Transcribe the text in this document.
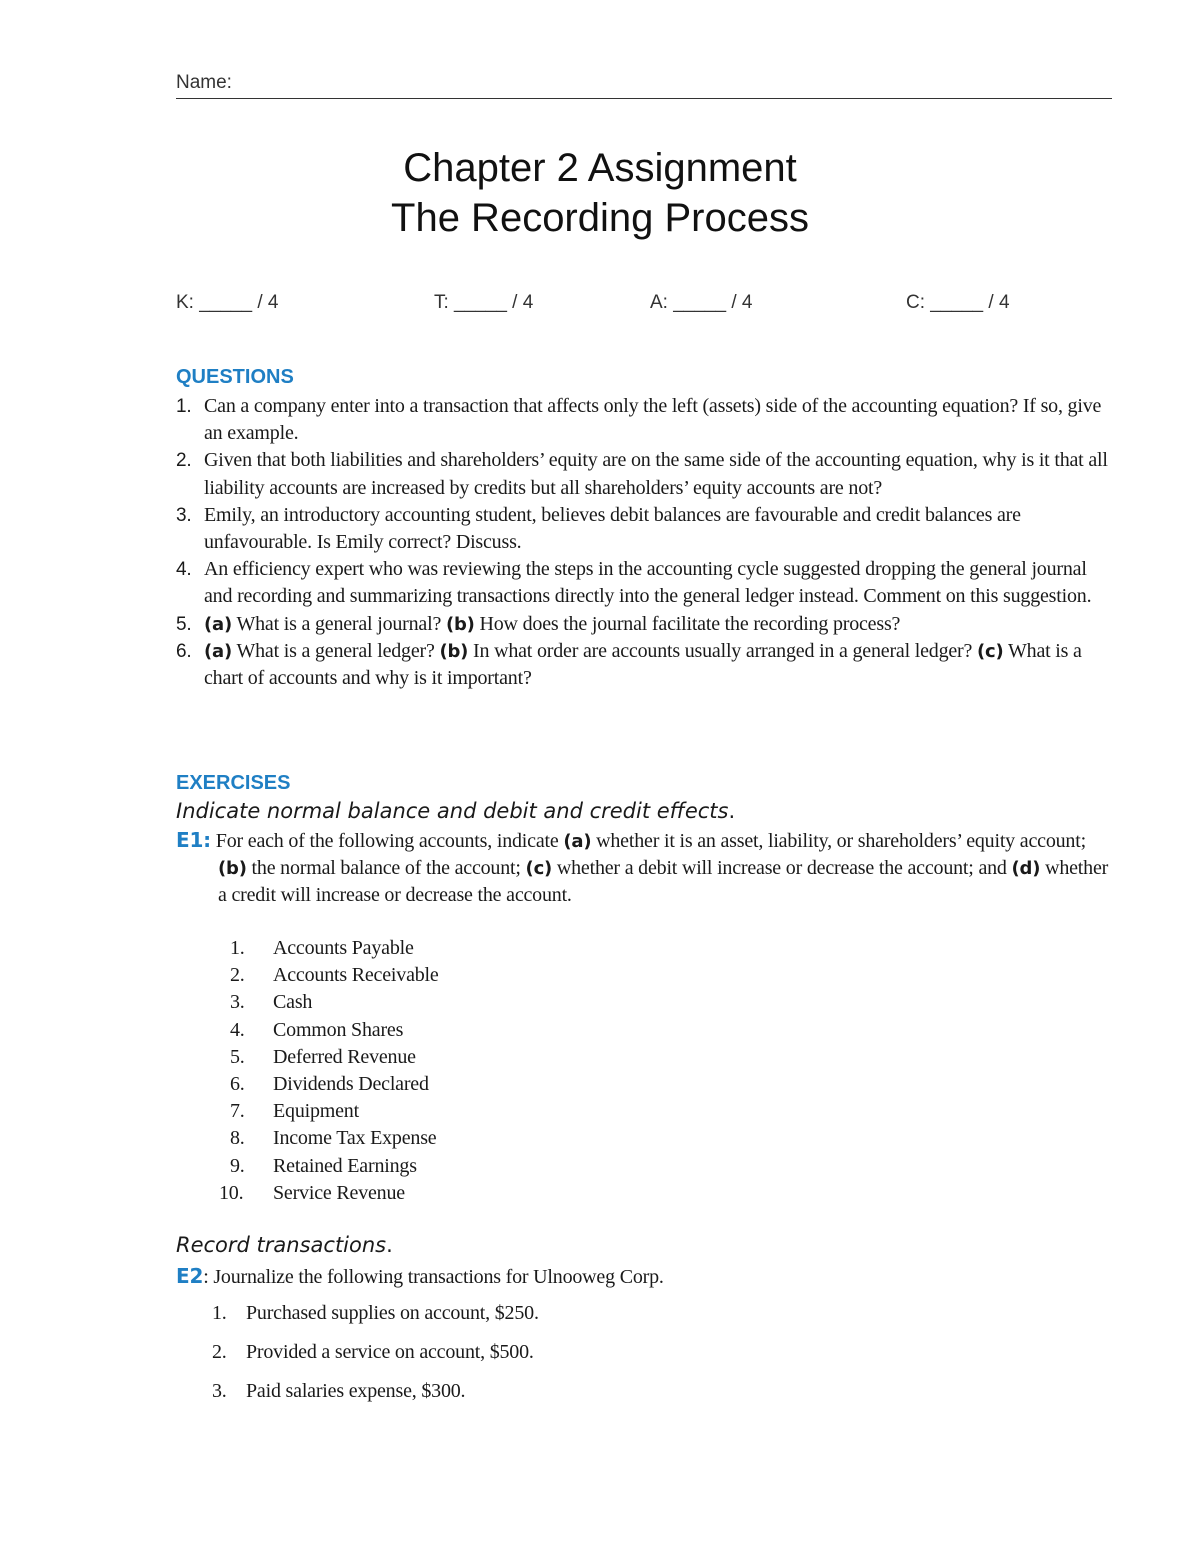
Name:
Chapter 2 Assignment
The Recording Process
K: _____ / 4	T: _____ / 4	A: _____ / 4	C: _____ / 4
QUESTIONS
1. Can a company enter into a transaction that affects only the left (assets) side of the accounting equation? If so, give an example.
2. Given that both liabilities and shareholders’ equity are on the same side of the accounting equation, why is it that all liability accounts are increased by credits but all shareholders’ equity accounts are not?
3. Emily, an introductory accounting student, believes debit balances are favourable and credit balances are unfavourable. Is Emily correct? Discuss.
4. An efficiency expert who was reviewing the steps in the accounting cycle suggested dropping the general journal and recording and summarizing transactions directly into the general ledger instead. Comment on this suggestion.
5. (a) What is a general journal? (b) How does the journal facilitate the recording process?
6. (a) What is a general ledger? (b) In what order are accounts usually arranged in a general ledger? (c) What is a chart of accounts and why is it important?
EXERCISES
Indicate normal balance and debit and credit effects.
E1: For each of the following accounts, indicate (a) whether it is an asset, liability, or shareholders’ equity account; (b) the normal balance of the account; (c) whether a debit will increase or decrease the account; and (d) whether a credit will increase or decrease the account.
1.	Accounts Payable
2.	Accounts Receivable
3.	Cash
4.	Common Shares
5.	Deferred Revenue
6.	Dividends Declared
7.	Equipment
8.	Income Tax Expense
9.	Retained Earnings
10.	Service Revenue
Record transactions.
E2: Journalize the following transactions for Ulnooweg Corp.
1. Purchased supplies on account, $250.
2. Provided a service on account, $500.
3. Paid salaries expense, $300.
